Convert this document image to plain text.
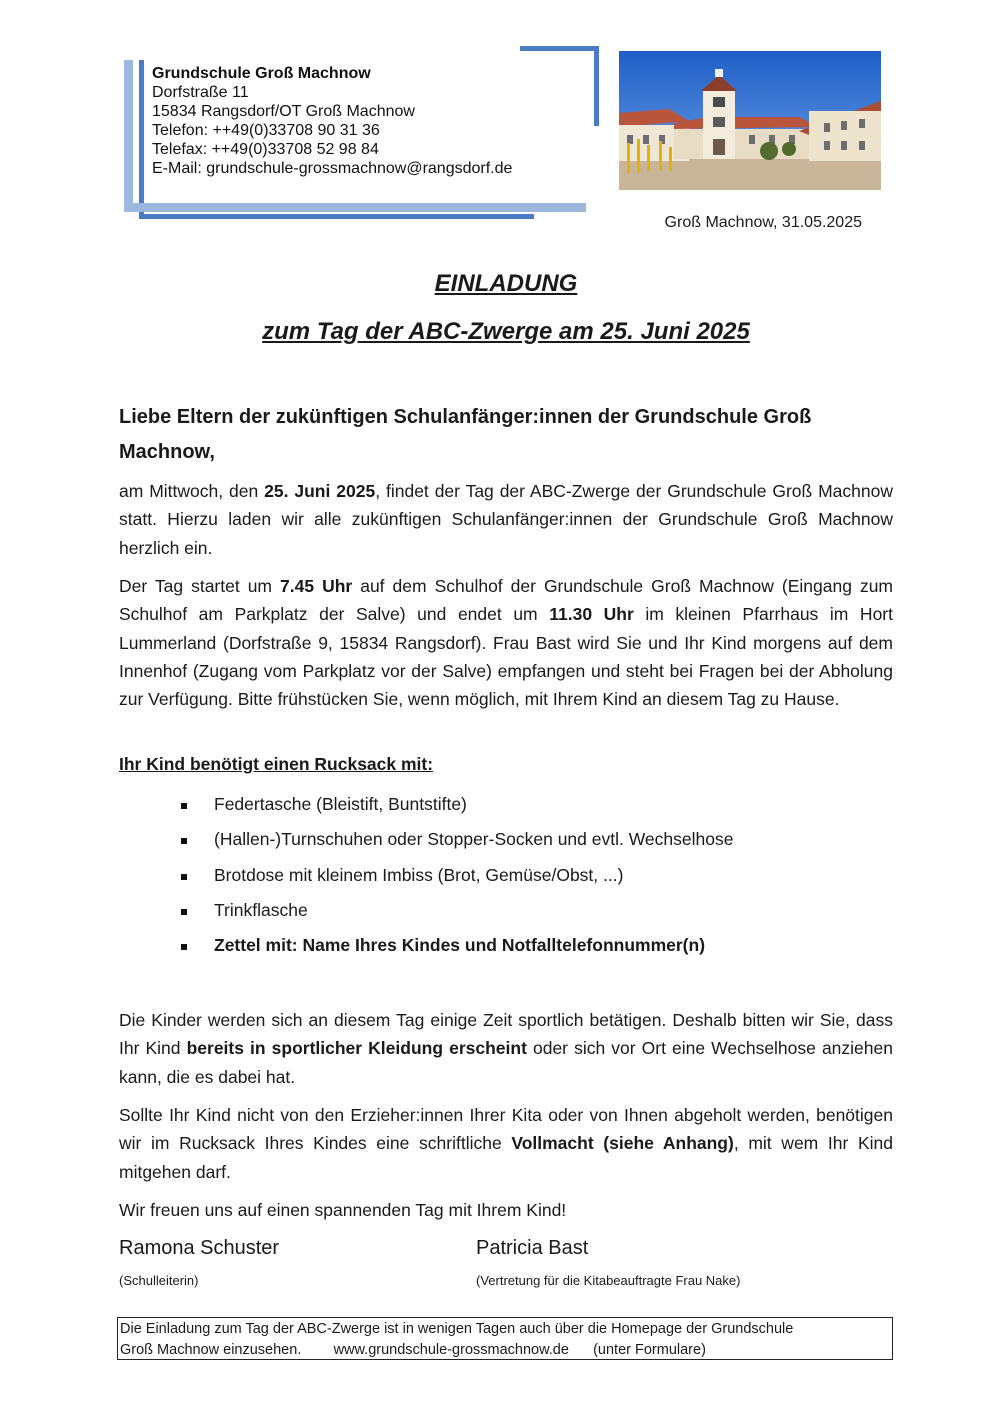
Grundschule Groß Machnow
Dorfstraße 11
15834 Rangsdorf/OT Groß Machnow
Telefon: ++49(0)33708 90 31 36
Telefax: ++49(0)33708 52 98 84
E-Mail: grundschule-grossmachnow@rangsdorf.de
Groß Machnow, 31.05.2025
EINLADUNG
zum Tag der ABC-Zwerge am 25. Juni 2025
Liebe Eltern der zukünftigen Schulanfänger:innen der Grundschule Groß Machnow,
am Mittwoch, den 25. Juni 2025, findet der Tag der ABC-Zwerge der Grundschule Groß Machnow statt. Hierzu laden wir alle zukünftigen Schulanfänger:innen der Grundschule Groß Machnow herzlich ein.
Der Tag startet um 7.45 Uhr auf dem Schulhof der Grundschule Groß Machnow (Eingang zum Schulhof am Parkplatz der Salve) und endet um 11.30 Uhr im kleinen Pfarrhaus im Hort Lummerland (Dorfstraße 9, 15834 Rangsdorf). Frau Bast wird Sie und Ihr Kind morgens auf dem Innenhof (Zugang vom Parkplatz vor der Salve) empfangen und steht bei Fragen bei der Abholung zur Verfügung. Bitte frühstücken Sie, wenn möglich, mit Ihrem Kind an diesem Tag zu Hause.
Ihr Kind benötigt einen Rucksack mit:
Federtasche (Bleistift, Buntstifte)
(Hallen-)Turnschuhen oder Stopper-Socken und evtl. Wechselhose
Brotdose mit kleinem Imbiss (Brot, Gemüse/Obst, ...)
Trinkflasche
Zettel mit: Name Ihres Kindes und Notfalltelefonnummer(n)
Die Kinder werden sich an diesem Tag einige Zeit sportlich betätigen. Deshalb bitten wir Sie, dass Ihr Kind bereits in sportlicher Kleidung erscheint oder sich vor Ort eine Wechselhose anziehen kann, die es dabei hat.
Sollte Ihr Kind nicht von den Erzieher:innen Ihrer Kita oder von Ihnen abgeholt werden, benötigen wir im Rucksack Ihres Kindes eine schriftliche Vollmacht (siehe Anhang), mit wem Ihr Kind mitgehen darf.
Wir freuen uns auf einen spannenden Tag mit Ihrem Kind!
Ramona Schuster
(Schulleiterin)
Patricia Bast
(Vertretung für die Kitabeauftragte Frau Nake)
Die Einladung zum Tag der ABC-Zwerge ist in wenigen Tagen auch über die Homepage der Grundschule
Groß Machnow einzusehen. www.grundschule-grossmachnow.de (unter Formulare)
